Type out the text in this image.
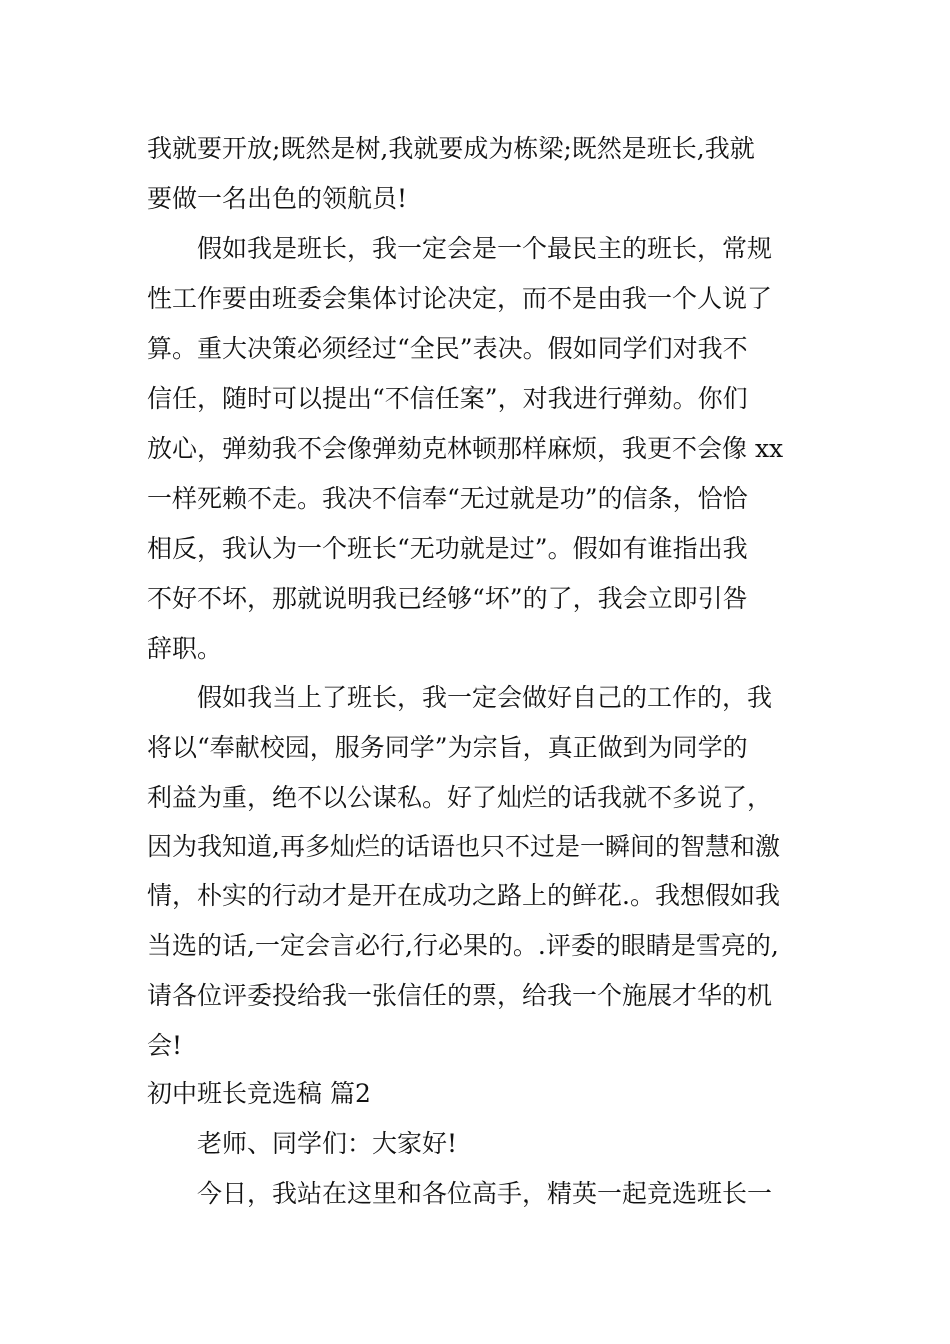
我就要开放;既然是树,我就要成为栋梁;既然是班长,我就
要做一名出色的领航员!
假如我是班长，我一定会是一个最民主的班长，常规
性工作要由班委会集体讨论决定，而不是由我一个人说了
算。重大决策必须经过“全民”表决。假如同学们对我不
信任，随时可以提出“不信任案”，对我进行弹劾。你们
放心，弹劾我不会像弹劾克林顿那样麻烦，我更不会像 xx
一样死赖不走。我决不信奉“无过就是功”的信条，恰恰
相反，我认为一个班长“无功就是过”。假如有谁指出我
不好不坏，那就说明我已经够“坏”的了，我会立即引咎
辞职。
假如我当上了班长，我一定会做好自己的工作的，我
将以“奉献校园，服务同学”为宗旨，真正做到为同学的
利益为重，绝不以公谋私。好了灿烂的话我就不多说了，
因为我知道,再多灿烂的话语也只不过是一瞬间的智慧和激
情，朴实的行动才是开在成功之路上的鲜花.。我想假如我
当选的话,一定会言必行,行必果的。.评委的眼睛是雪亮的,
请各位评委投给我一张信任的票，给我一个施展才华的机
会!
初中班长竞选稿 篇2
老师、同学们：大家好!
今日，我站在这里和各位高手，精英一起竞选班长一
